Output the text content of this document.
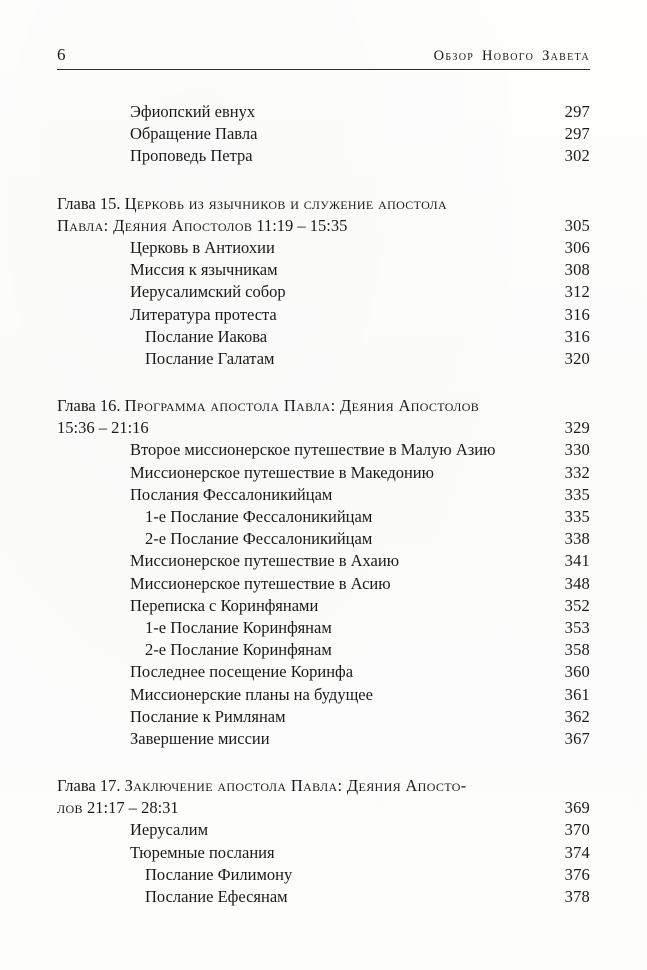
6	Обзор Нового Завета
Эфиопский евнух	297
Обращение Павла	297
Проповедь Петра	302
Глава 15. Церковь из язычников и служение апостола
Павла: Деяния Апостолов 11:19 – 15:35	305
Церковь в Антиохии	306
Миссия к язычникам	308
Иерусалимский собор	312
Литература протеста	316
Послание Иакова	316
Послание Галатам	320
Глава 16. Программа апостола Павла: Деяния Апостолов
15:36 – 21:16	329
Второе миссионерское путешествие в Малую Азию	330
Миссионерское путешествие в Македонию	332
Послания Фессалоникийцам	335
1-е Послание Фессалоникийцам	335
2-е Послание Фессалоникийцам	338
Миссионерское путешествие в Ахаию	341
Миссионерское путешествие в Асию	348
Переписка с Коринфянами	352
1-е Послание Коринфянам	353
2-е Послание Коринфянам	358
Последнее посещение Коринфа	360
Миссионерские планы на будущее	361
Послание к Римлянам	362
Завершение миссии	367
Глава 17. Заключение апостола Павла: Деяния Апосто-
лов 21:17 – 28:31	369
Иерусалим	370
Тюремные послания	374
Послание Филимону	376
Послание Ефесянам	378
